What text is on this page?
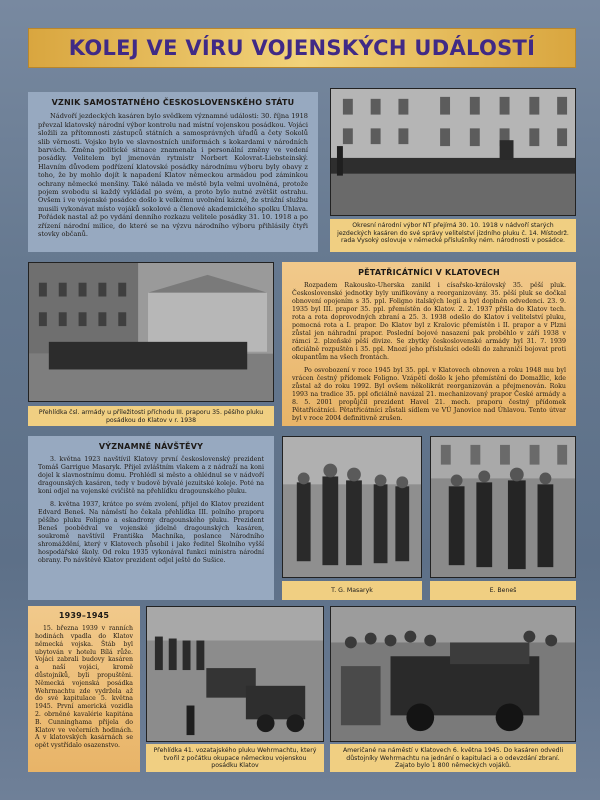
KOLEJ VE VÍRU VOJENSKÝCH UDÁLOSTÍ
VZNIK SAMOSTATNÉHO ČESKOSLOVENSKÉHO STÁTU

Nádvoří jezdeckých kasáren bylo svědkem významné události: 30. října 1918 převzal klatovský národní výbor kontrolu nad místní vojenskou posádkou. Vojáci složili za přítomnosti zástupců státních a samosprávných úřadů a čety Sokolů slib věrnosti. Vojsko bylo ve slavnostních uniformách s kokardami v národních barvách. Změna politické situace znamenala i personální změny ve vedení posádky. Velitelem byl jmenován rytmistr Norbert Kolovrat-Liebsteinský. Hlavním důvodem podřízení klatovské posádky národnímu výboru byly obavy z toho, že by mohlo dojít k napadení Klatov německou armádou pod záminkou ochrany německé menšiny. Také nálada ve městě byla velmi uvolněná, protože pojem svobodu si každý vykládal po svém, a proto bylo nutné zvětšit ostrahu. Ovšem i ve vojenské posádce došlo k velkému uvolnění kázně, že strážní službu musili vykonávat místo vojáků sokolové a členové akademického spolku Úhlava. Pořádek nastal až po vydání denního rozkazu velitele posádky 31. 10. 1918 a po zřízení národní milice, do které se na výzvu národního výboru přihlásily čtyři stovky občanů.

Okresní národní výbor NT přejímá 30. 10. 1918 v nádvoří starých jezdeckých kasáren do své správy velitelství jízdního pluku č. 14. Místodrž. rada Vysoký oslovuje v německé příslušníky ném. národnosti v posádce.
Přehlídka čsl. armády u příležitosti příchodu III. praporu 35. pěšího pluku posádkou do Klatov v r. 1938
PĚTATŘICÁTNÍCI V KLATOVECH

Rozpadem Rakousko-Uherska zanikl i císařsko-královský 35. pěší pluk. Československé jednotky byly unifikovány a reorganizovány. 35. pěší pluk se dočkal obnovení opojením s 35. ppl. Foligno italských legií a byl doplněn odvedenci. 23. 9. 1935 byl III. prapor 35. ppl. přemístěn do Klatov. 2. 2. 1937 přišla do Klatov tech. rota a rota doprovodných zbraní a 25. 3. 1938 odešlo do Klatov i velitelství pluku, pomocná rota a I. prapor. Do Klatov byl z Kralovic přemístěn i II. prapor a v Plzni zůstal jen náhradní prapor. Poslední bojové nasazení pak proběhlo v září 1938 v rámci 2. plzeňské pěší divize. Se zbytky československé armády byl 31. 7. 1939 oficiálně rozpuštěn i 35. ppl. Mnozí jeho příslušníci odešli do zahraničí bojovat proti okupantům na všech frontách.

Po osvobození v roce 1945 byl 35. ppl. v Klatovech obnoven a roku 1948 mu byl vrácen čestný přídomek Foligno. Vzápětí došlo k jeho přemístění do Domažlic, kde zůstal až do roku 1992. Byl ovšem několikrát reorganizován a přejmenován. Roku 1993 na tradice 35. ppl oficiálně navázal 21. mechanizovaný prapor České armády a 8. 5. 2001 propůjčil prezident Havel 21. mech. praporu čestný přídomek Pětatřicátníci. Pětatřicátníci zůstali sídlem ve VÚ Janovice nad Úhlavou. Tento útvar byl v roce 2004 definitivně zrušen.

VÝZNAMNÉ NÁVŠTĚVY

3. května 1923 navštívil Klatovy první československý prezident Tomáš Garrigue Masaryk. Přijel zvláštním vlakem a z nádraží na koni dojel k slavnostnímu domu. Prohlédl si město a ohlédnul se v nádvoří dragounských kasáren, tedy v budově bývalé jezuitské koleje. Poté na koni odjel na vojenské cvičiště na přehlídku dragounského pluku.

8. května 1937, krátce po svém zvolení, přijel do Klatov prezident Edvard Beneš. Na náměstí ho čekala přehlídka III. polního praporu pěšího pluku Foligno a eskadrony dragounského pluku. Prezident Beneš poobědval ve vojenské jídelně dragounských kasáren, soukromě navštívil Františka Machníka, poslance Národního shromáždění, který v Klatovech působil i jako ředitel Školního vyšší hospodářské školy. Od roku 1935 vykonával funkci ministra národní obrany. Po návštěvě Klatov prezident odjel ještě do Sušice.

T. G. Masaryk	E. Beneš
1939–1945

15. března 1939 v ranních hodinách vpadla do Klatov německá vojska. Štáb byl ubytován v hotelu Bílá růže. Vojáci zabrali budovy kasáren a naší vojáci, kromě důstojníků, byli propuštěni. Německá vojenská posádka Wehrmachtu zde vydržela až do své kapitulace 5. května 1945. První americká vozidla 2. obrněné kavalérie kapitána B. Cunninghama přijela do Klatov ve večerních hodinách. A v klatovských kasárnách se opět vystřídalo osazenstvo.

Přehlídka 41. vozatajského pluku Wehrmachtu, který tvořil z počátku okupace německou vojenskou posádku Klatov
Američané na náměstí v Klatovech 6. května 1945. Do kasáren odvedli důstojníky Wehrmachtu na jednání o kapitulaci a o odevzdání zbraní. Zajato bylo 1 800 německých vojáků.
